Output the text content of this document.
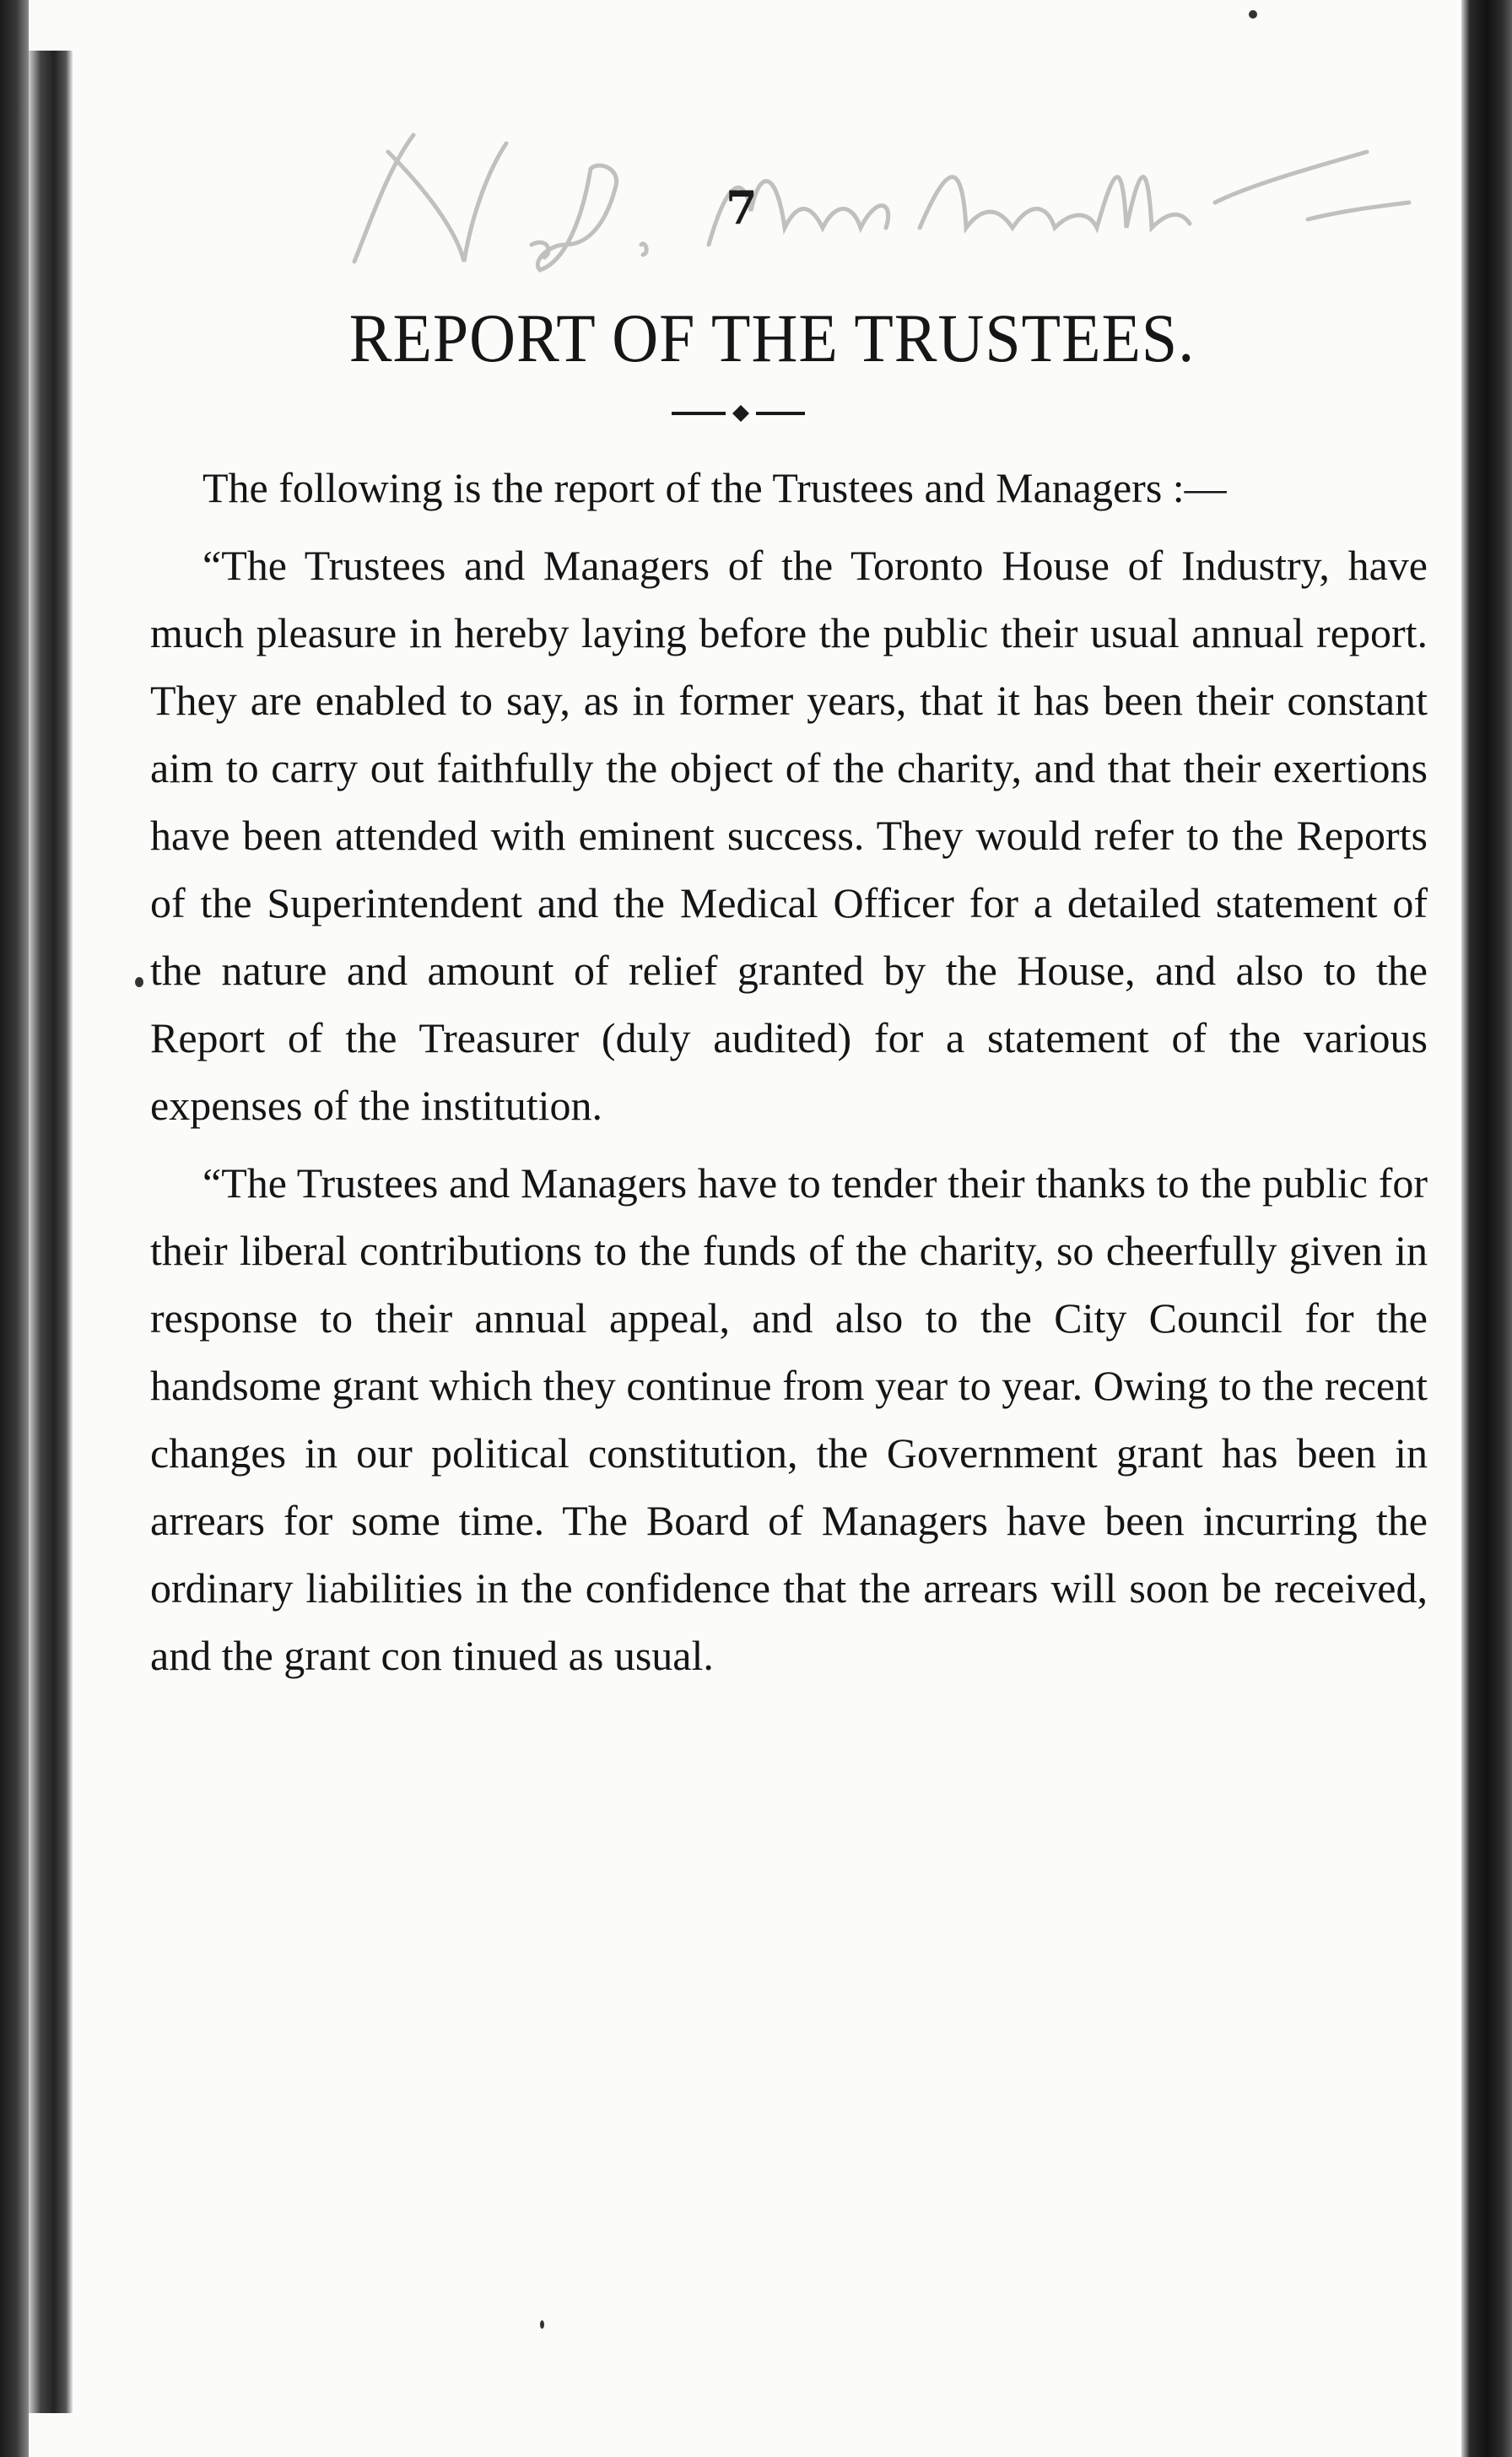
7
REPORT OF THE TRUSTEES.

The following is the report of the Trustees and Managers :—

“The Trustees and Managers of the Toronto House of Industry, have much pleasure in hereby laying before the public their usual annual report. They are enabled to say, as in former years, that it has been their constant aim to carry out faithfully the object of the charity, and that their exertions have been attended with eminent success. They would refer to the Reports of the Superintendent and the Medical Officer for a detailed statement of the nature and amount of relief granted by the House, and also to the Report of the Treasurer (duly audited) for a statement of the various expenses of the institution.

“The Trustees and Managers have to tender their thanks to the public for their liberal contributions to the funds of the charity, so cheerfully given in response to their annual appeal, and also to the City Council for the handsome grant which they continue from year to year. Owing to the recent changes in our political constitution, the Government grant has been in arrears for some time. The Board of Managers have been incurring the ordinary liabilities in the confidence that the arrears will soon be received, and the grant con tinued as usual.
